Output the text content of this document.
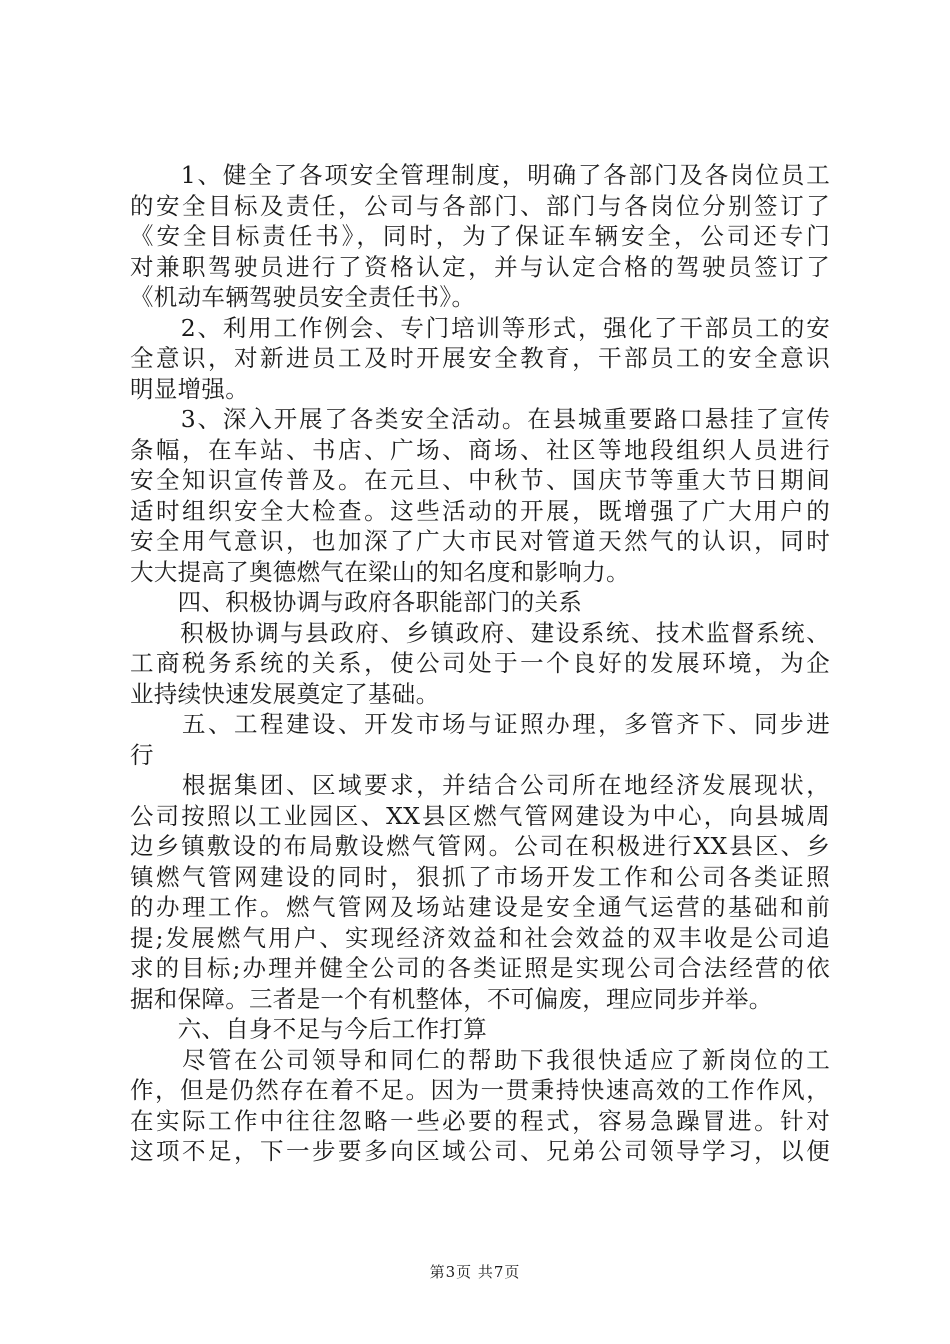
　　1、健全了各项安全管理制度，明确了各部门及各岗位员工
的安全目标及责任，公司与各部门、部门与各岗位分别签订了
《安全目标责任书》，同时，为了保证车辆安全，公司还专门
对兼职驾驶员进行了资格认定，并与认定合格的驾驶员签订了
《机动车辆驾驶员安全责任书》。
　　2、利用工作例会、专门培训等形式，强化了干部员工的安
全意识，对新进员工及时开展安全教育，干部员工的安全意识
明显增强。
　　3、深入开展了各类安全活动。在县城重要路口悬挂了宣传
条幅，在车站、书店、广场、商场、社区等地段组织人员进行
安全知识宣传普及。在元旦、中秋节、国庆节等重大节日期间
适时组织安全大检查。这些活动的开展，既增强了广大用户的
安全用气意识，也加深了广大市民对管道天然气的认识，同时
大大提高了奥德燃气在梁山的知名度和影响力。
　　四、积极协调与政府各职能部门的关系
　　积极协调与县政府、乡镇政府、建设系统、技术监督系统、
工商税务系统的关系，使公司处于一个良好的发展环境，为企
业持续快速发展奠定了基础。
　　五、工程建设、开发市场与证照办理，多管齐下、同步进
行
　　根据集团、区域要求，并结合公司所在地经济发展现状，
公司按照以工业园区、XX县区燃气管网建设为中心，向县城周
边乡镇敷设的布局敷设燃气管网。公司在积极进行XX县区、乡
镇燃气管网建设的同时，狠抓了市场开发工作和公司各类证照
的办理工作。燃气管网及场站建设是安全通气运营的基础和前
提;发展燃气用户、实现经济效益和社会效益的双丰收是公司追
求的目标;办理并健全公司的各类证照是实现公司合法经营的依
据和保障。三者是一个有机整体，不可偏废，理应同步并举。
　　六、自身不足与今后工作打算
　　尽管在公司领导和同仁的帮助下我很快适应了新岗位的工
作，但是仍然存在着不足。因为一贯秉持快速高效的工作作风，
在实际工作中往往忽略一些必要的程式，容易急躁冒进。针对
这项不足，下一步要多向区域公司、兄弟公司领导学习，以便
第3页 共7页
